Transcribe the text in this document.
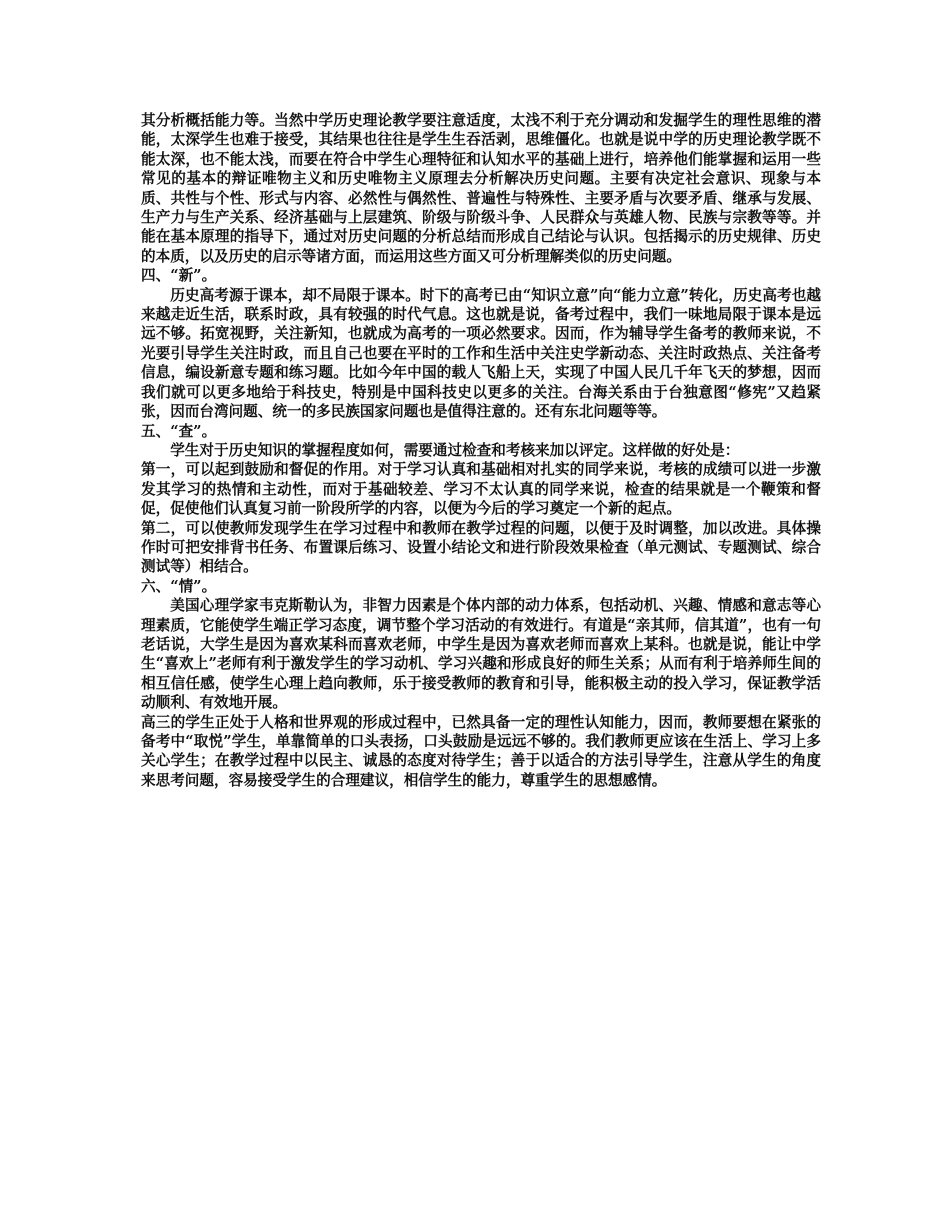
其分析概括能力等。当然中学历史理论教学要注意适度，太浅不利于充分调动和发掘学生的理性思维的潜能，太深学生也难于接受，其结果也往往是学生生吞活剥，思维僵化。也就是说中学的历史理论教学既不能太深，也不能太浅，而要在符合中学生心理特征和认知水平的基础上进行，培养他们能掌握和运用一些常见的基本的辩证唯物主义和历史唯物主义原理去分析解决历史问题。主要有决定社会意识、现象与本质、共性与个性、形式与内容、必然性与偶然性、普遍性与特殊性、主要矛盾与次要矛盾、继承与发展、生产力与生产关系、经济基础与上层建筑、阶级与阶级斗争、人民群众与英雄人物、民族与宗教等等。并能在基本原理的指导下，通过对历史问题的分析总结而形成自己结论与认识。包括揭示的历史规律、历史的本质，以及历史的启示等诸方面，而运用这些方面又可分析理解类似的历史问题。

四、“新”。

历史高考源于课本，却不局限于课本。时下的高考已由“知识立意”向“能力立意”转化，历史高考也越来越走近生活，联系时政，具有较强的时代气息。这也就是说，备考过程中，我们一味地局限于课本是远远不够。拓宽视野，关注新知，也就成为高考的一项必然要求。因而，作为辅导学生备考的教师来说，不光要引导学生关注时政，而且自己也要在平时的工作和生活中关注史学新动态、关注时政热点、关注备考信息，编设新意专题和练习题。比如今年中国的载人飞船上天，实现了中国人民几千年飞天的梦想，因而我们就可以更多地给于科技史，特别是中国科技史以更多的关注。台海关系由于台独意图“修宪”又趋紧张，因而台湾问题、统一的多民族国家问题也是值得注意的。还有东北问题等等。

五、“查”。

学生对于历史知识的掌握程度如何，需要通过检查和考核来加以评定。这样做的好处是：

第一，可以起到鼓励和督促的作用。对于学习认真和基础相对扎实的同学来说，考核的成绩可以进一步激发其学习的热情和主动性，而对于基础较差、学习不太认真的同学来说，检查的结果就是一个鞭策和督促，促使他们认真复习前一阶段所学的内容，以便为今后的学习奠定一个新的起点。

第二，可以使教师发现学生在学习过程中和教师在教学过程的问题，以便于及时调整，加以改进。具体操作时可把安排背书任务、布置课后练习、设置小结论文和进行阶段效果检查（单元测试、专题测试、综合测试等）相结合。

六、“情”。

美国心理学家韦克斯勒认为，非智力因素是个体内部的动力体系，包括动机、兴趣、情感和意志等心理素质，它能使学生端正学习态度，调节整个学习活动的有效进行。有道是“亲其师，信其道”，也有一句老话说，大学生是因为喜欢某科而喜欢老师，中学生是因为喜欢老师而喜欢上某科。也就是说，能让中学生“喜欢上”老师有利于激发学生的学习动机、学习兴趣和形成良好的师生关系；从而有利于培养师生间的相互信任感，使学生心理上趋向教师，乐于接受教师的教育和引导，能积极主动的投入学习，保证教学活动顺利、有效地开展。

高三的学生正处于人格和世界观的形成过程中，已然具备一定的理性认知能力，因而，教师要想在紧张的备考中“取悦”学生，单靠简单的口头表扬，口头鼓励是远远不够的。我们教师更应该在生活上、学习上多关心学生；在教学过程中以民主、诚恳的态度对待学生；善于以适合的方法引导学生，注意从学生的角度来思考问题，容易接受学生的合理建议，相信学生的能力，尊重学生的思想感情。
